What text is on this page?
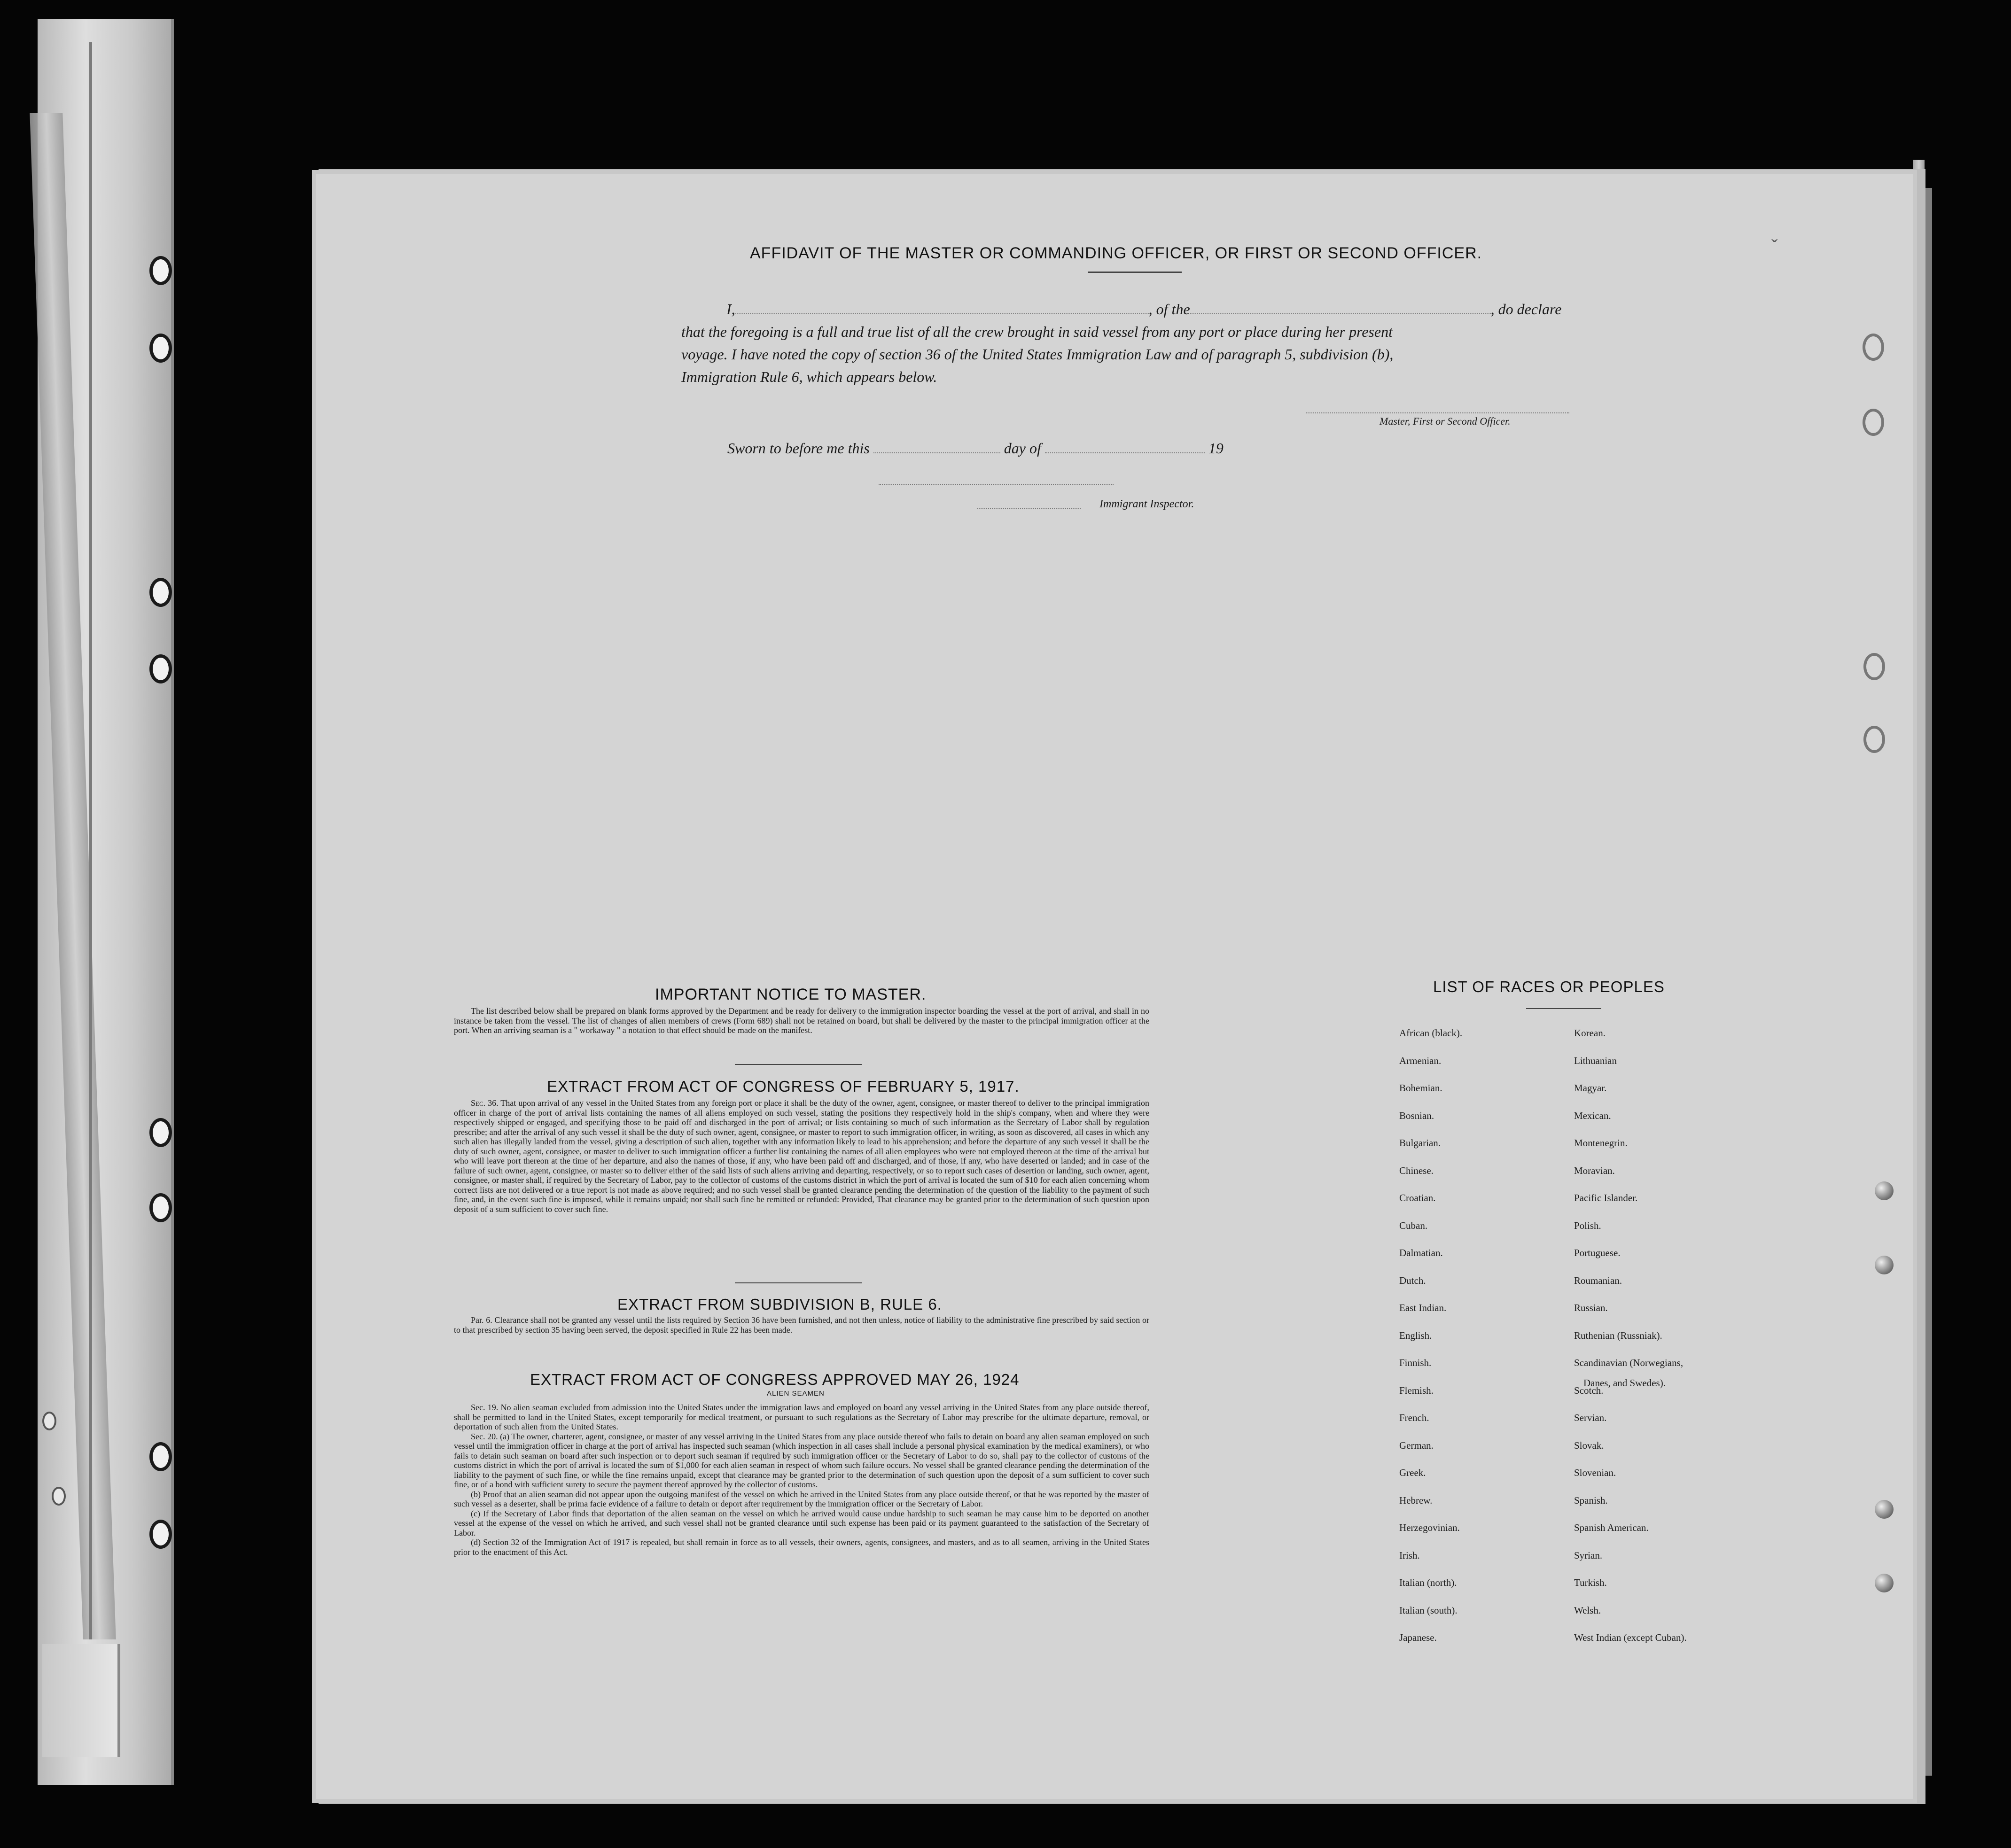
ˇ
AFFIDAVIT OF THE MASTER OR COMMANDING OFFICER, OR FIRST OR SECOND OFFICER.
I,	, of the	, do declare
that the foregoing is a full and true list of all the crew brought in said vessel from any port or place during her present
voyage. I have noted the copy of section 36 of the United States Immigration Law and of paragraph 5, subdivision (b),
Immigration Rule 6, which appears below.
Master, First or Second Officer.
Sworn to before me this	day of	19
Immigrant Inspector.
IMPORTANT NOTICE TO MASTER.

The list described below shall be prepared on blank forms approved by the Department and be ready for delivery to the immigration inspector boarding the vessel at the port of arrival, and shall in no instance be taken from the vessel. The list of changes of alien members of crews (Form 689) shall not be retained on board, but shall be delivered by the master to the principal immigration officer at the port. When an arriving seaman is a " workaway " a notation to that effect should be made on the manifest.

EXTRACT FROM ACT OF CONGRESS OF FEBRUARY 5, 1917.

Sec. 36. That upon arrival of any vessel in the United States from any foreign port or place it shall be the duty of the owner, agent, consignee, or master thereof to deliver to the principal immigration officer in charge of the port of arrival lists containing the names of all aliens employed on such vessel, stating the positions they respectively hold in the ship's company, when and where they were respectively shipped or engaged, and specifying those to be paid off and discharged in the port of arrival; or lists containing so much of such information as the Secretary of Labor shall by regulation prescribe; and after the arrival of any such vessel it shall be the duty of such owner, agent, consignee, or master to report to such immigration officer, in writing, as soon as discovered, all cases in which any such alien has illegally landed from the vessel, giving a description of such alien, together with any information likely to lead to his apprehension; and before the departure of any such vessel it shall be the duty of such owner, agent, consignee, or master to deliver to such immigration officer a further list containing the names of all alien employees who were not employed thereon at the time of the arrival but who will leave port thereon at the time of her departure, and also the names of those, if any, who have been paid off and discharged, and of those, if any, who have deserted or landed; and in case of the failure of such owner, agent, consignee, or master so to deliver either of the said lists of such aliens arriving and departing, respectively, or so to report such cases of desertion or landing, such owner, agent, consignee, or master shall, if required by the Secretary of Labor, pay to the collector of customs of the customs district in which the port of arrival is located the sum of $10 for each alien concerning whom correct lists are not delivered or a true report is not made as above required; and no such vessel shall be granted clearance pending the determination of the question of the liability to the payment of such fine, and, in the event such fine is imposed, while it remains unpaid; nor shall such fine be remitted or refunded: Provided, That clearance may be granted prior to the determination of such question upon deposit of a sum sufficient to cover such fine.

EXTRACT FROM SUBDIVISION B, RULE 6.

Par. 6. Clearance shall not be granted any vessel until the lists required by Section 36 have been furnished, and not then unless, notice of liability to the administrative fine prescribed by said section or to that prescribed by section 35 having been served, the deposit specified in Rule 22 has been made.

EXTRACT FROM ACT OF CONGRESS APPROVED MAY 26, 1924
ALIEN SEAMEN

Sec. 19. No alien seaman excluded from admission into the United States under the immigration laws and employed on board any vessel arriving in the United States from any place outside thereof, shall be permitted to land in the United States, except temporarily for medical treatment, or pursuant to such regulations as the Secretary of Labor may prescribe for the ultimate departure, removal, or deportation of such alien from the United States.

Sec. 20. (a) The owner, charterer, agent, consignee, or master of any vessel arriving in the United States from any place outside thereof who fails to detain on board any alien seaman employed on such vessel until the immigration officer in charge at the port of arrival has inspected such seaman (which inspection in all cases shall include a personal physical examination by the medical examiners), or who fails to detain such seaman on board after such inspection or to deport such seaman if required by such immigration officer or the Secretary of Labor to do so, shall pay to the collector of customs of the customs district in which the port of arrival is located the sum of $1,000 for each alien seaman in respect of whom such failure occurs. No vessel shall be granted clearance pending the determination of the liability to the payment of such fine, or while the fine remains unpaid, except that clearance may be granted prior to the determination of such question upon the deposit of a sum sufficient to cover such fine, or of a bond with sufficient surety to secure the payment thereof approved by the collector of customs.

(b) Proof that an alien seaman did not appear upon the outgoing manifest of the vessel on which he arrived in the United States from any place outside thereof, or that he was reported by the master of such vessel as a deserter, shall be prima facie evidence of a failure to detain or deport after requirement by the immigration officer or the Secretary of Labor.

(c) If the Secretary of Labor finds that deportation of the alien seaman on the vessel on which he arrived would cause undue hardship to such seaman he may cause him to be deported on another vessel at the expense of the vessel on which he arrived, and such vessel shall not be granted clearance until such expense has been paid or its payment guaranteed to the satisfaction of the Secretary of Labor.

(d) Section 32 of the Immigration Act of 1917 is repealed, but shall remain in force as to all vessels, their owners, agents, consignees, and masters, and as to all seamen, arriving in the United States prior to the enactment of this Act.

LIST OF RACES OR PEOPLES
African (black).
Armenian.
Bohemian.
Bosnian.
Bulgarian.
Chinese.
Croatian.
Cuban.
Dalmatian.
Dutch.
East Indian.
English.
Finnish.
Flemish.
French.
German.
Greek.
Hebrew.
Herzegovinian.
Irish.
Italian (north).
Italian (south).
Japanese.
Korean.
Lithuanian
Magyar.
Mexican.
Montenegrin.
Moravian.
Pacific Islander.
Polish.
Portuguese.
Roumanian.
Russian.
Ruthenian (Russniak).
Scandinavian (Norwegians,
Scotch.
Servian.
Slovak.
Slovenian.
Spanish.
Spanish American.
Syrian.
Turkish.
Welsh.
West Indian (except Cuban).
Danes, and Swedes).
